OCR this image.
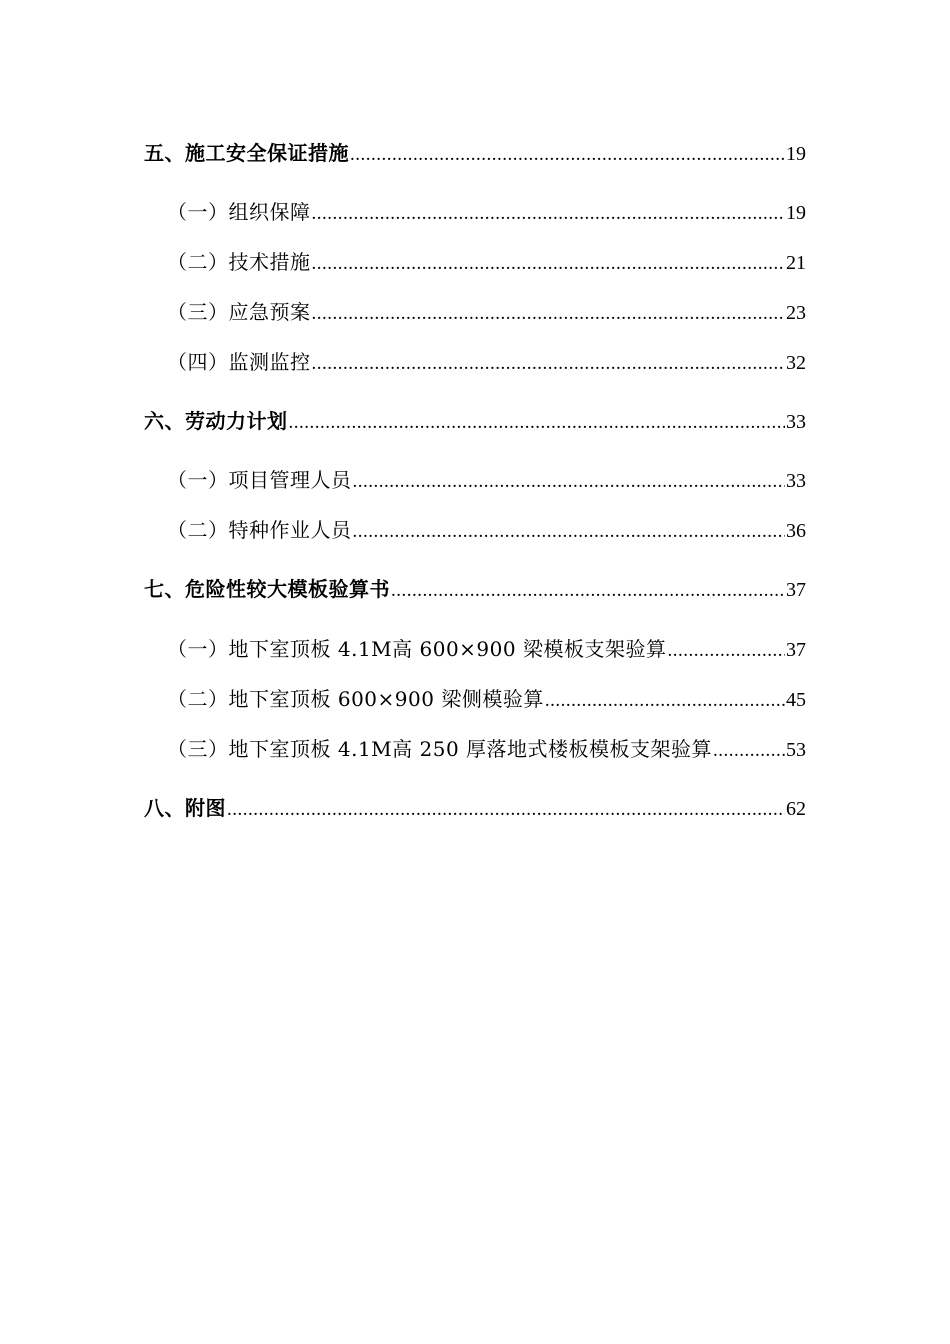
五、施工安全保证措施 .....	19
（一）组织保障 .....	19
（二）技术措施 .....	21
（三）应急预案 .....	23
（四）监测监控 .....	32
六、劳动力计划 .....	33
（一）项目管理人员 .....	33
（二）特种作业人员 .....	36
七、危险性较大模板验算书 .....	37
（一）地下室顶板 4.1M高 600×900 梁模板支架验算 .....	37
（二）地下室顶板 600×900 梁侧模验算 .....	45
（三）地下室顶板 4.1M高 250 厚落地式楼板模板支架验算 .....	53
八、附图 .....	62
